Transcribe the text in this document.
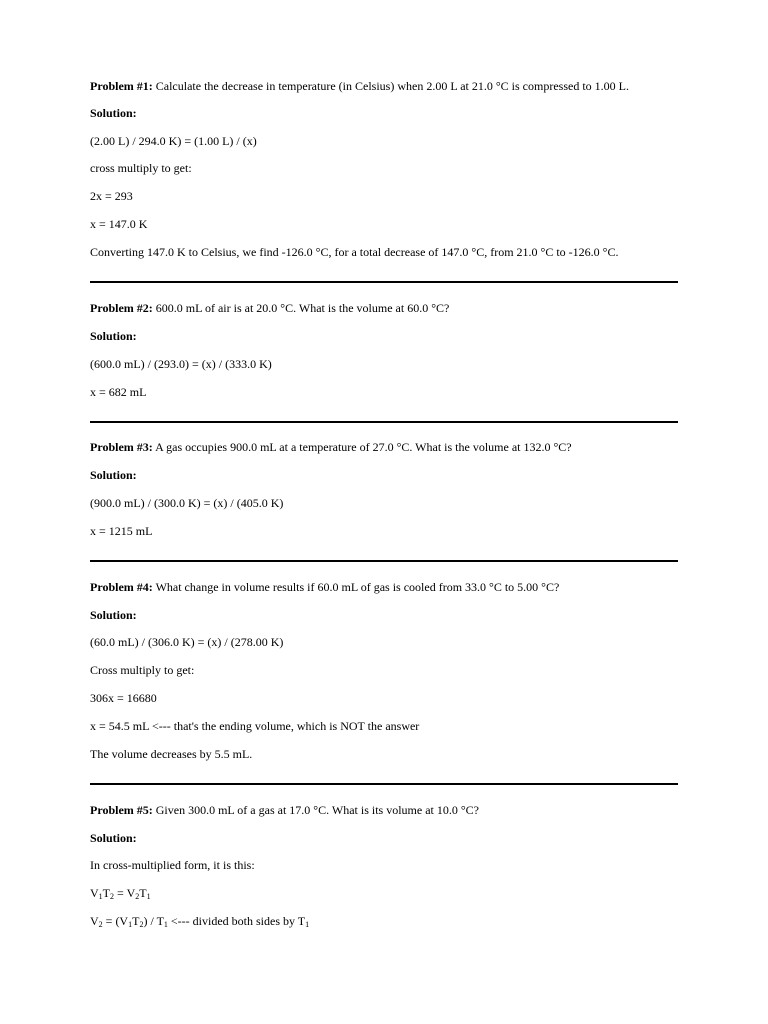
Problem #1: Calculate the decrease in temperature (in Celsius) when 2.00 L at 21.0 °C is compressed to 1.00 L.
Solution:
(2.00 L) / 294.0 K) = (1.00 L) / (x)
cross multiply to get:
2x = 293
x = 147.0 K
Converting 147.0 K to Celsius, we find -126.0 °C, for a total decrease of 147.0 °C, from 21.0 °C to -126.0 °C.
Problem #2: 600.0 mL of air is at 20.0 °C. What is the volume at 60.0 °C?
Solution:
(600.0 mL) / (293.0) = (x) / (333.0 K)
x = 682 mL
Problem #3: A gas occupies 900.0 mL at a temperature of 27.0 °C. What is the volume at 132.0 °C?
Solution:
(900.0 mL) / (300.0 K) = (x) / (405.0 K)
x = 1215 mL
Problem #4: What change in volume results if 60.0 mL of gas is cooled from 33.0 °C to 5.00 °C?
Solution:
(60.0 mL) / (306.0 K) = (x) / (278.00 K)
Cross multiply to get:
306x = 16680
x = 54.5 mL <--- that's the ending volume, which is NOT the answer
The volume decreases by 5.5 mL.
Problem #5: Given 300.0 mL of a gas at 17.0 °C. What is its volume at 10.0 °C?
Solution:
In cross-multiplied form, it is this:
$V_1T_2 = V_2T_1$
$V_2 = (V_1T_2) / T_1$ <--- divided both sides by $T_1$
